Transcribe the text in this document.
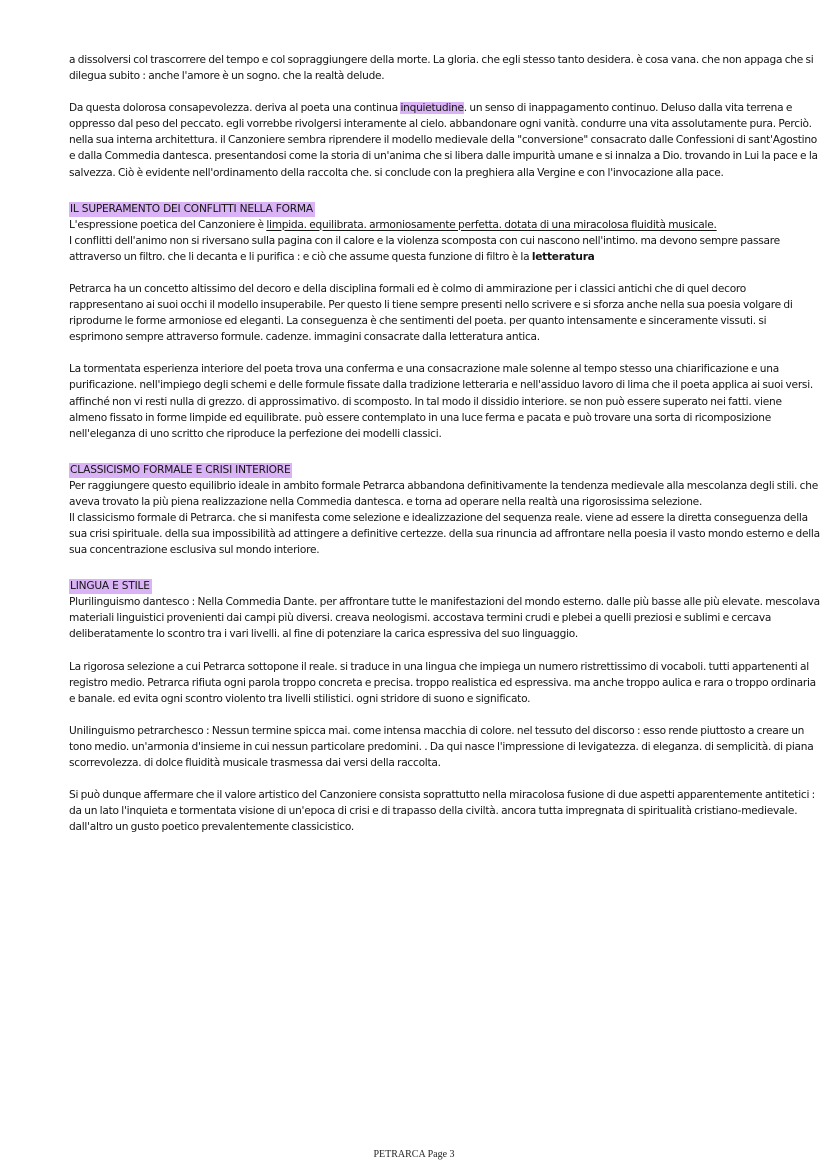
a dissolversi col trascorrere del tempo e col sopraggiungere della morte. La gloria. che egli stesso tanto desidera. è cosa vana. che non appaga che si dilegua subito : anche l'amore è un sogno. che la realtà delude.

Da questa dolorosa consapevolezza. deriva al poeta una continua inquietudine. un senso di inappagamento continuo. Deluso dalla vita terrena e oppresso dal peso del peccato. egli vorrebbe rivolgersi interamente al cielo. abbandonare ogni vanità. condurre una vita assolutamente pura. Perciò. nella sua interna architettura. il Canzoniere sembra riprendere il modello medievale della "conversione" consacrato dalle Confessioni di sant'Agostino e dalla Commedia dantesca. presentandosi come la storia di un'anima che si libera dalle impurità umane e si innalza a Dio. trovando in Lui la pace e la salvezza. Ciò è evidente nell'ordinamento della raccolta che. si conclude con la preghiera alla Vergine e con l'invocazione alla pace.

IL SUPERAMENTO DEI CONFLITTI NELLA FORMA

L'espressione poetica del Canzoniere è limpida. equilibrata. armoniosamente perfetta. dotata di una miracolosa fluidità musicale.

I conflitti dell'animo non si riversano sulla pagina con il calore e la violenza scomposta con cui nascono nell'intimo. ma devono sempre passare attraverso un filtro. che li decanta e li purifica : e ciò che assume questa funzione di filtro è la letteratura

Petrarca ha un concetto altissimo del decoro e della disciplina formali ed è colmo di ammirazione per i classici antichi che di quel decoro rappresentano ai suoi occhi il modello insuperabile. Per questo li tiene sempre presenti nello scrivere e si sforza anche nella sua poesia volgare di riprodurne le forme armoniose ed eleganti. La conseguenza è che sentimenti del poeta. per quanto intensamente e sinceramente vissuti. si esprimono sempre attraverso formule. cadenze. immagini consacrate dalla letteratura antica.

La tormentata esperienza interiore del poeta trova una conferma e una consacrazione male solenne al tempo stesso una chiarificazione e una purificazione. nell'impiego degli schemi e delle formule fissate dalla tradizione letteraria e nell'assiduo lavoro di lima che il poeta applica ai suoi versi. affinché non vi resti nulla di grezzo. di approssimativo. di scomposto. In tal modo il dissidio interiore. se non può essere superato nei fatti. viene almeno fissato in forme limpide ed equilibrate. può essere contemplato in una luce ferma e pacata e può trovare una sorta di ricomposizione nell'eleganza di uno scritto che riproduce la perfezione dei modelli classici.

CLASSICISMO FORMALE E CRISI INTERIORE

Per raggiungere questo equilibrio ideale in ambito formale Petrarca abbandona definitivamente la tendenza medievale alla mescolanza degli stili. che aveva trovato la più piena realizzazione nella Commedia dantesca. e torna ad operare nella realtà una rigorosissima selezione.

Il classicismo formale di Petrarca. che si manifesta come selezione e idealizzazione del sequenza reale. viene ad essere la diretta conseguenza della sua crisi spirituale. della sua impossibilità ad attingere a definitive certezze. della sua rinuncia ad affrontare nella poesia il vasto mondo esterno e della sua concentrazione esclusiva sul mondo interiore.

LINGUA E STILE

Plurilinguismo dantesco : Nella Commedia Dante. per affrontare tutte le manifestazioni del mondo esterno. dalle più basse alle più elevate. mescolava materiali linguistici provenienti dai campi più diversi. creava neologismi. accostava termini crudi e plebei a quelli preziosi e sublimi e cercava deliberatamente lo scontro tra i vari livelli. al fine di potenziare la carica espressiva del suo linguaggio.

La rigorosa selezione a cui Petrarca sottopone il reale. si traduce in una lingua che impiega un numero ristrettissimo di vocaboli. tutti appartenenti al registro medio. Petrarca rifiuta ogni parola troppo concreta e precisa. troppo realistica ed espressiva. ma anche troppo aulica e rara o troppo ordinaria e banale. ed evita ogni scontro violento tra livelli stilistici. ogni stridore di suono e significato.

Unilinguismo petrarchesco : Nessun termine spicca mai. come intensa macchia di colore. nel tessuto del discorso : esso rende piuttosto a creare un tono medio. un'armonia d'insieme in cui nessun particolare predomini. . Da qui nasce l'impressione di levigatezza. di eleganza. di semplicità. di piana scorrevolezza. di dolce fluidità musicale trasmessa dai versi della raccolta.

Si può dunque affermare che il valore artistico del Canzoniere consista soprattutto nella miracolosa fusione di due aspetti apparentemente antitetici : da un lato l'inquieta e tormentata visione di un'epoca di crisi e di trapasso della civiltà. ancora tutta impregnata di spiritualità cristiano-medievale. dall'altro un gusto poetico prevalentemente classicistico.

PETRARCA Page 3
